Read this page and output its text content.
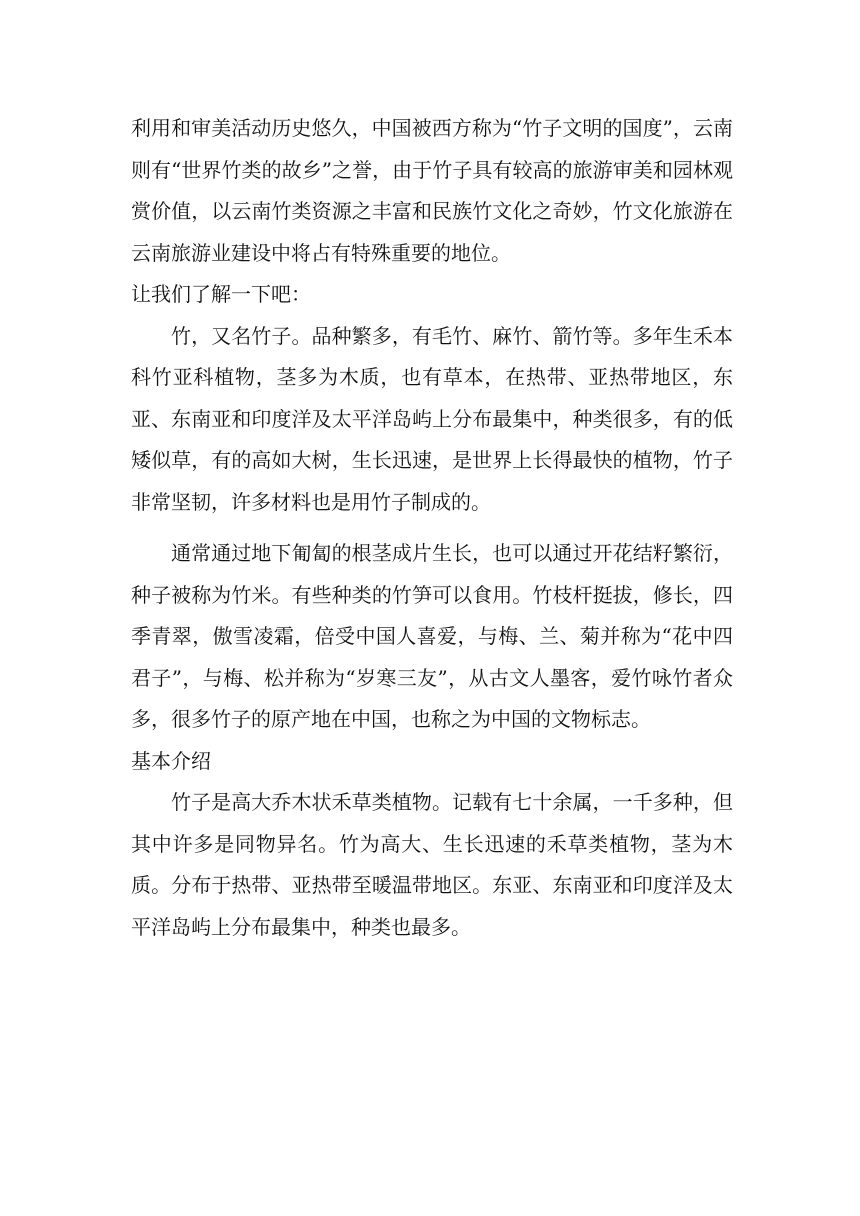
利用和审美活动历史悠久，中国被西方称为“竹子文明的国度”，云南则有“世界竹类的故乡”之誉，由于竹子具有较高的旅游审美和园林观赏价值，以云南竹类资源之丰富和民族竹文化之奇妙，竹文化旅游在云南旅游业建设中将占有特殊重要的地位。

让我们了解一下吧：

竹，又名竹子。品种繁多，有毛竹、麻竹、箭竹等。多年生禾本科竹亚科植物，茎多为木质，也有草本，在热带、亚热带地区，东亚、东南亚和印度洋及太平洋岛屿上分布最集中，种类很多，有的低矮似草，有的高如大树，生长迅速，是世界上长得最快的植物，竹子非常坚韧，许多材料也是用竹子制成的。

通常通过地下匍匐的根茎成片生长，也可以通过开花结籽繁衍，种子被称为竹米。有些种类的竹笋可以食用。竹枝杆挺拔，修长，四季青翠，傲雪凌霜，倍受中国人喜爱，与梅、兰、菊并称为“花中四君子”，与梅、松并称为“岁寒三友”，从古文人墨客，爱竹咏竹者众多，很多竹子的原产地在中国，也称之为中国的文物标志。

基本介绍

竹子是高大乔木状禾草类植物。记载有七十余属，一千多种，但其中许多是同物异名。竹为高大、生长迅速的禾草类植物，茎为木质。分布于热带、亚热带至暖温带地区。东亚、东南亚和印度洋及太平洋岛屿上分布最集中，种类也最多。
